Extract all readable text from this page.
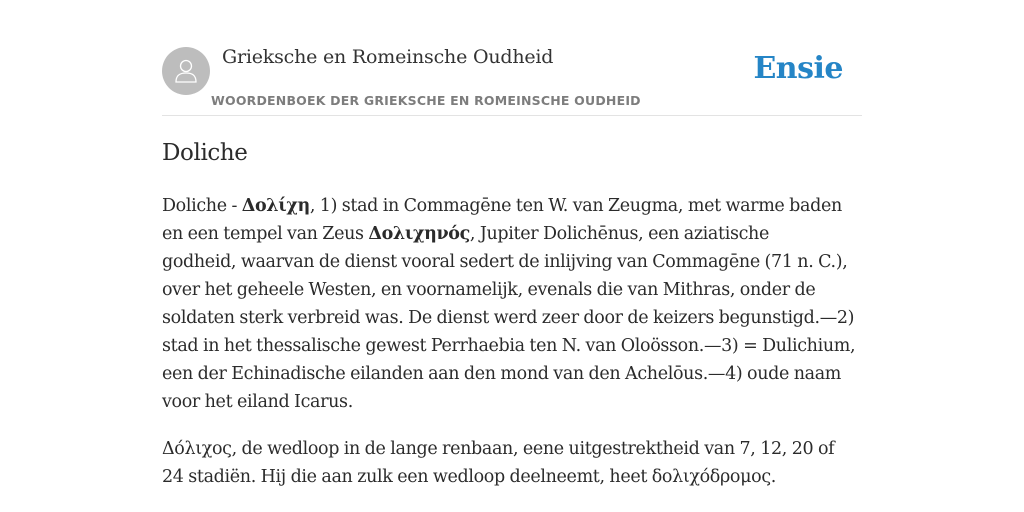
Grieksche en Romeinsche Oudheid
WOORDENBOEK DER GRIEKSCHE EN ROMEINSCHE OUDHEID
Ensie
Doliche

Doliche - Δολίχη, 1) stad in Commagēne ten W. van Zeugma, met warme baden
en een tempel van Zeus Δολιχηνός, Jupiter Dolichēnus, een aziatische
godheid, waarvan de dienst vooral sedert de inlijving van Commagēne (71 n. C.),
over het geheele Westen, en voornamelijk, evenals die van Mithras, onder de
soldaten sterk verbreid was. De dienst werd zeer door de keizers begunstigd.—2)
stad in het thessalische gewest Perrhaebia ten N. van Oloösson.—3) = Dulichium,
een der Echinadische eilanden aan den mond van den Achelōus.—4) oude naam
voor het eiland Icarus.

Δόλιχος, de wedloop in de lange renbaan, eene uitgestrektheid van 7, 12, 20 of
24 stadiën. Hij die aan zulk een wedloop deelneemt, heet δολιχόδρομος.
